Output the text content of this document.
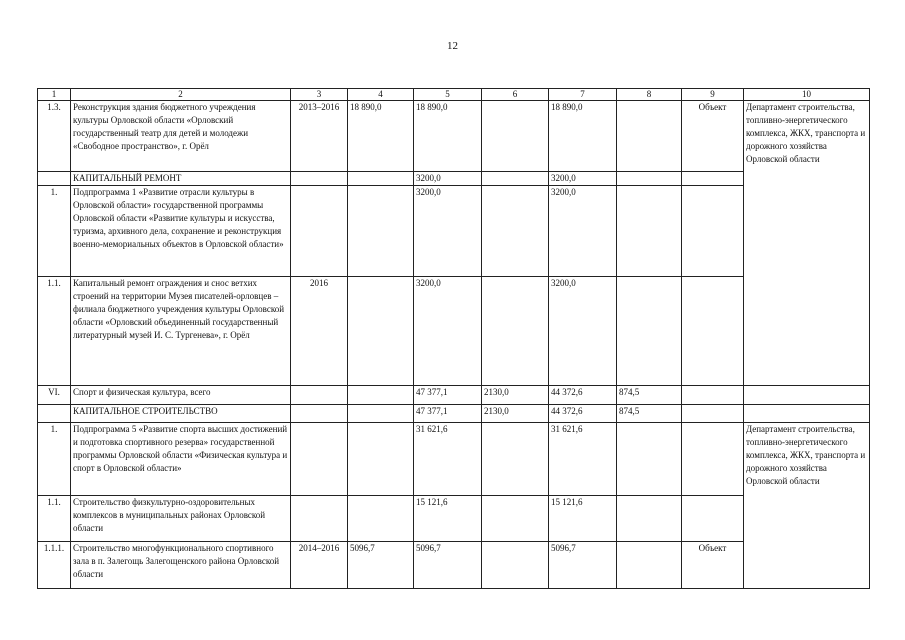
12
1	2	3	4	5	6	7	8	9	10
1.3.	Реконструкция здания бюджетного учреждения культуры Орловской области «Орловский государственный театр для детей и молодежи «Свободное пространство», г. Орёл	2013–2016	18 890,0	18 890,0		18 890,0		Объект	Департамент строительства, топливно-энергетического комплекса, ЖКХ, транспорта и дорожного хозяйства Орловской области
	КАПИТАЛЬНЫЙ РЕМОНТ			3200,0		3200,0			
1.	Подпрограмма 1 «Развитие отрасли культуры в Орловской области» государственной программы Орловской области «Развитие культуры и искусства, туризма, архивного дела, сохранение и реконструкция военно-мемориальных объектов в Орловской области»			3200,0		3200,0			
1.1.	Капитальный ремонт ограждения и снос ветхих строений на территории Музея писателей-орловцев – филиала бюджетного учреждения культуры Орловской области «Орловский объединенный государственный литературный музей И. С. Тургенева», г. Орёл	2016		3200,0		3200,0			
VI.	Спорт и физическая культура, всего			47 377,1	2130,0	44 372,6	874,5		
	КАПИТАЛЬНОЕ СТРОИТЕЛЬСТВО			47 377,1	2130,0	44 372,6	874,5		
1.	Подпрограмма 5 «Развитие спорта высших достижений и подготовка спортивного резерва» государственной программы Орловской области «Физическая культура и спорт в Орловской области»			31 621,6		31 621,6			Департамент строительства, топливно-энергетического комплекса, ЖКХ, транспорта и дорожного хозяйства Орловской области
1.1.	Строительство физкультурно-оздоровительных комплексов в муниципальных районах Орловской области			15 121,6		15 121,6			
1.1.1.	Строительство многофункционального спортивного зала в п. Залегощь Залегощенского района Орловской области	2014–2016	5096,7	5096,7		5096,7		Объект	
